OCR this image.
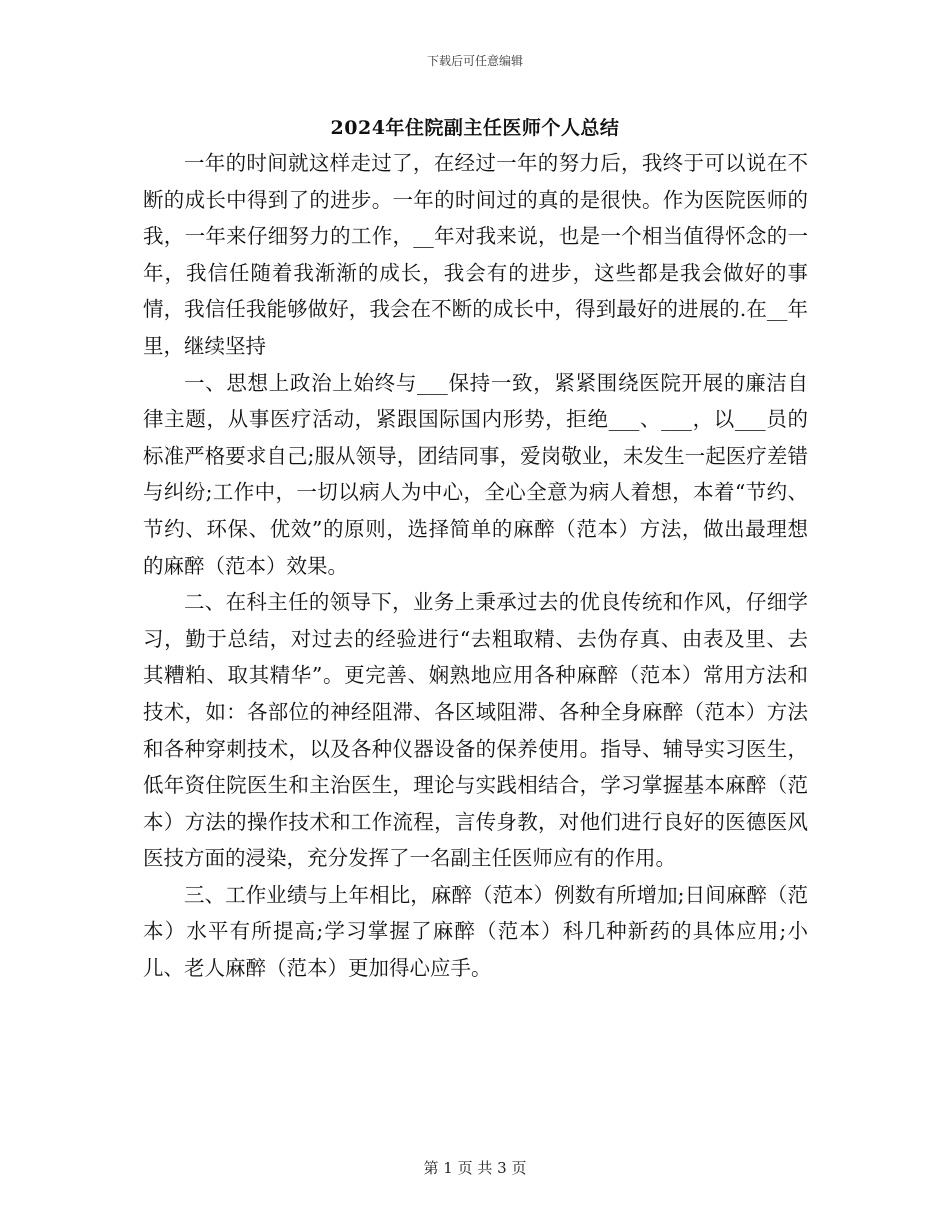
下载后可任意编辑
2024年住院副主任医师个人总结

一年的时间就这样走过了，在经过一年的努力后，我终于可以说在不断的成长中得到了的进步。一年的时间过的真的是很快。作为医院医师的我，一年来仔细努力的工作，__年对我来说，也是一个相当值得怀念的一年，我信任随着我渐渐的成长，我会有的进步，这些都是我会做好的事情，我信任我能够做好，我会在不断的成长中，得到最好的进展的.在__年里，继续坚持

一、思想上政治上始终与___保持一致，紧紧围绕医院开展的廉洁自律主题，从事医疗活动，紧跟国际国内形势，拒绝___、___，以___员的标准严格要求自己;服从领导，团结同事，爱岗敬业，未发生一起医疗差错与纠纷;工作中，一切以病人为中心，全心全意为病人着想，本着“节约、节约、环保、优效”的原则，选择简单的麻醉（范本）方法，做出最理想的麻醉（范本）效果。

二、在科主任的领导下，业务上秉承过去的优良传统和作风，仔细学习，勤于总结，对过去的经验进行“去粗取精、去伪存真、由表及里、去其糟粕、取其精华”。更完善、娴熟地应用各种麻醉（范本）常用方法和技术，如：各部位的神经阻滞、各区域阻滞、各种全身麻醉（范本）方法和各种穿刺技术，以及各种仪器设备的保养使用。指导、辅导实习医生，低年资住院医生和主治医生，理论与实践相结合，学习掌握基本麻醉（范本）方法的操作技术和工作流程，言传身教，对他们进行良好的医德医风医技方面的浸染，充分发挥了一名副主任医师应有的作用。

三、工作业绩与上年相比，麻醉（范本）例数有所增加;日间麻醉（范本）水平有所提高;学习掌握了麻醉（范本）科几种新药的具体应用;小儿、老人麻醉（范本）更加得心应手。

第 1 页 共 3 页
